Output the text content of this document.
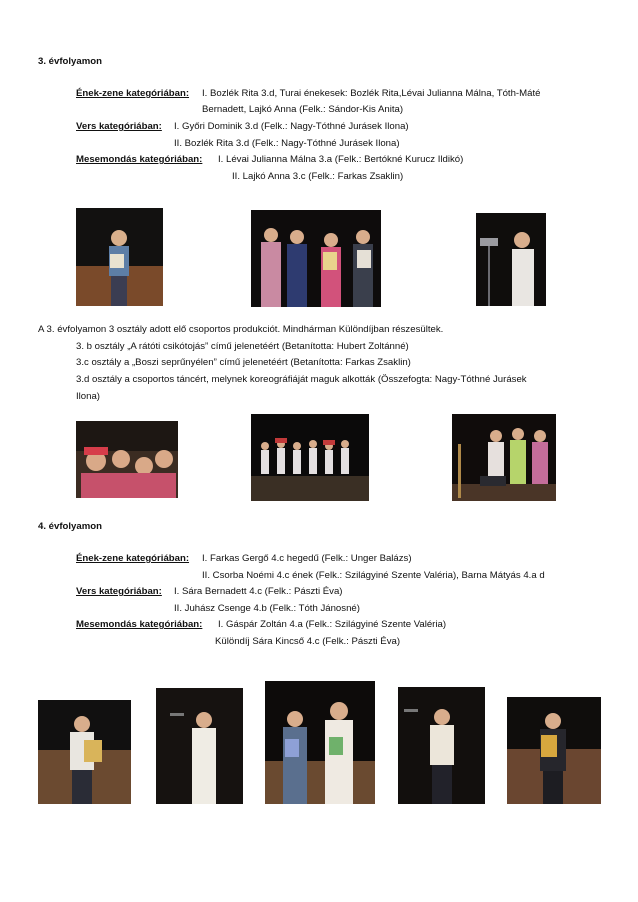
3. évfolyamon
Ének-zene kategóriában: I. Bozlék Rita 3.d, Turai énekesek: Bozlék Rita,Lévai Julianna Málna, Tóth-Máté
Bernadett, Lajkó Anna (Felk.: Sándor-Kis Anita)
Vers kategóriában: I. Győri Dominik 3.d (Felk.: Nagy-Tóthné Jurásek Ilona)
II. Bozlék Rita 3.d (Felk.: Nagy-Tóthné Jurásek Ilona)
Mesemondás kategóriában: I. Lévai Julianna Málna 3.a (Felk.: Bertókné Kurucz Ildikó)
II. Lajkó Anna 3.c (Felk.: Farkas Zsaklin)
A 3. évfolyamon 3 osztály adott elő csoportos produkciót. Mindhárman Különdíjban részesültek.
3. b osztály „A rátóti csikótojás” című jelenetéért (Betanította: Hubert Zoltánné)
3.c osztály a „Boszi seprűnyélen” című jelenetéért (Betanította: Farkas Zsaklin)
3.d osztály a csoportos táncért, melynek koreográfiáját maguk alkották (Összefogta: Nagy-Tóthné Jurásek
Ilona)
4. évfolyamon
Ének-zene kategóriában: I. Farkas Gergő 4.c hegedű (Felk.: Unger Balázs)
II. Csorba Noémi 4.c ének (Felk.: Szilágyiné Szente Valéria), Barna Mátyás 4.a d
Vers kategóriában: I. Sára Bernadett 4.c (Felk.: Pászti Éva)
II. Juhász Csenge 4.b (Felk.: Tóth Jánosné)
Mesemondás kategóriában: I. Gáspár Zoltán 4.a (Felk.: Szilágyiné Szente Valéria)
Különdíj Sára Kincső 4.c (Felk.: Pászti Éva)
